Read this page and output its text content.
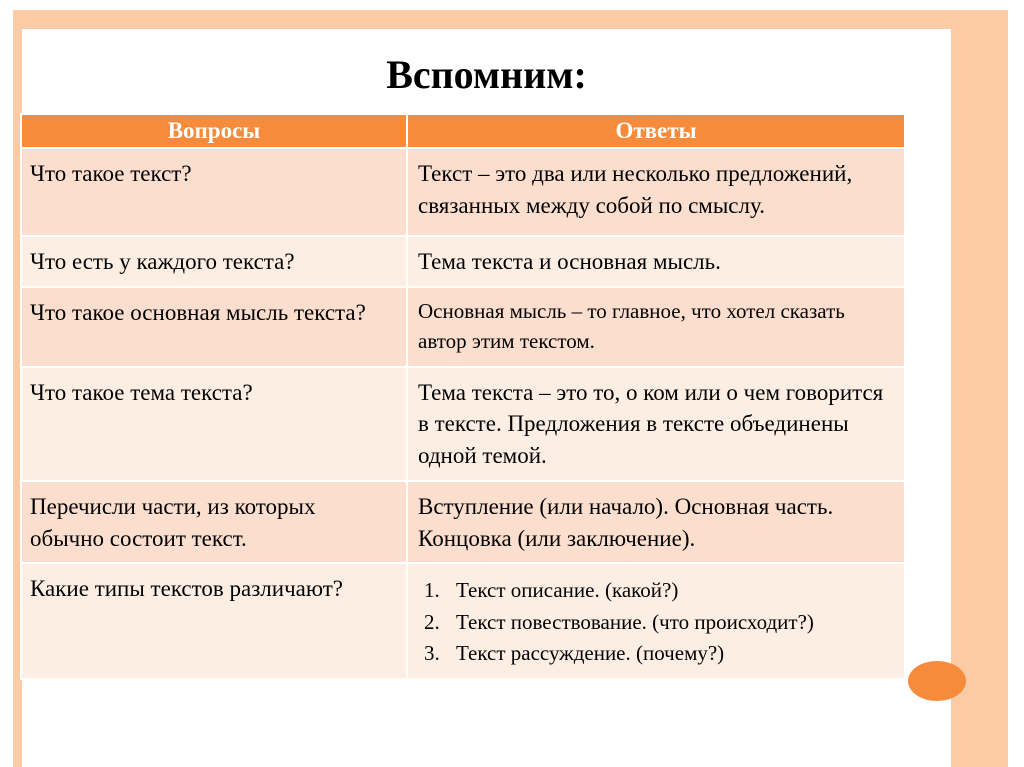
Вспомним:
Вопросы	Ответы
Что такое текст?	Текст – это два или несколько предложений, связанных между собой по смыслу.
Что есть у каждого текста?	Тема текста и основная мысль.
Что такое основная мысль текста?	Основная мысль – то главное, что хотел сказать автор этим текстом.
Что такое тема текста?	Тема текста – это то, о ком или о чем говорится в тексте. Предложения в тексте объединены одной темой.
Перечисли части, из которых обычно состоит текст.	Вступление (или начало). Основная часть. Концовка (или заключение).
Какие типы текстов различают?	1. Текст описание. (какой?)
2. Текст повествование. (что происходит?)
3. Текст рассуждение. (почему?)
